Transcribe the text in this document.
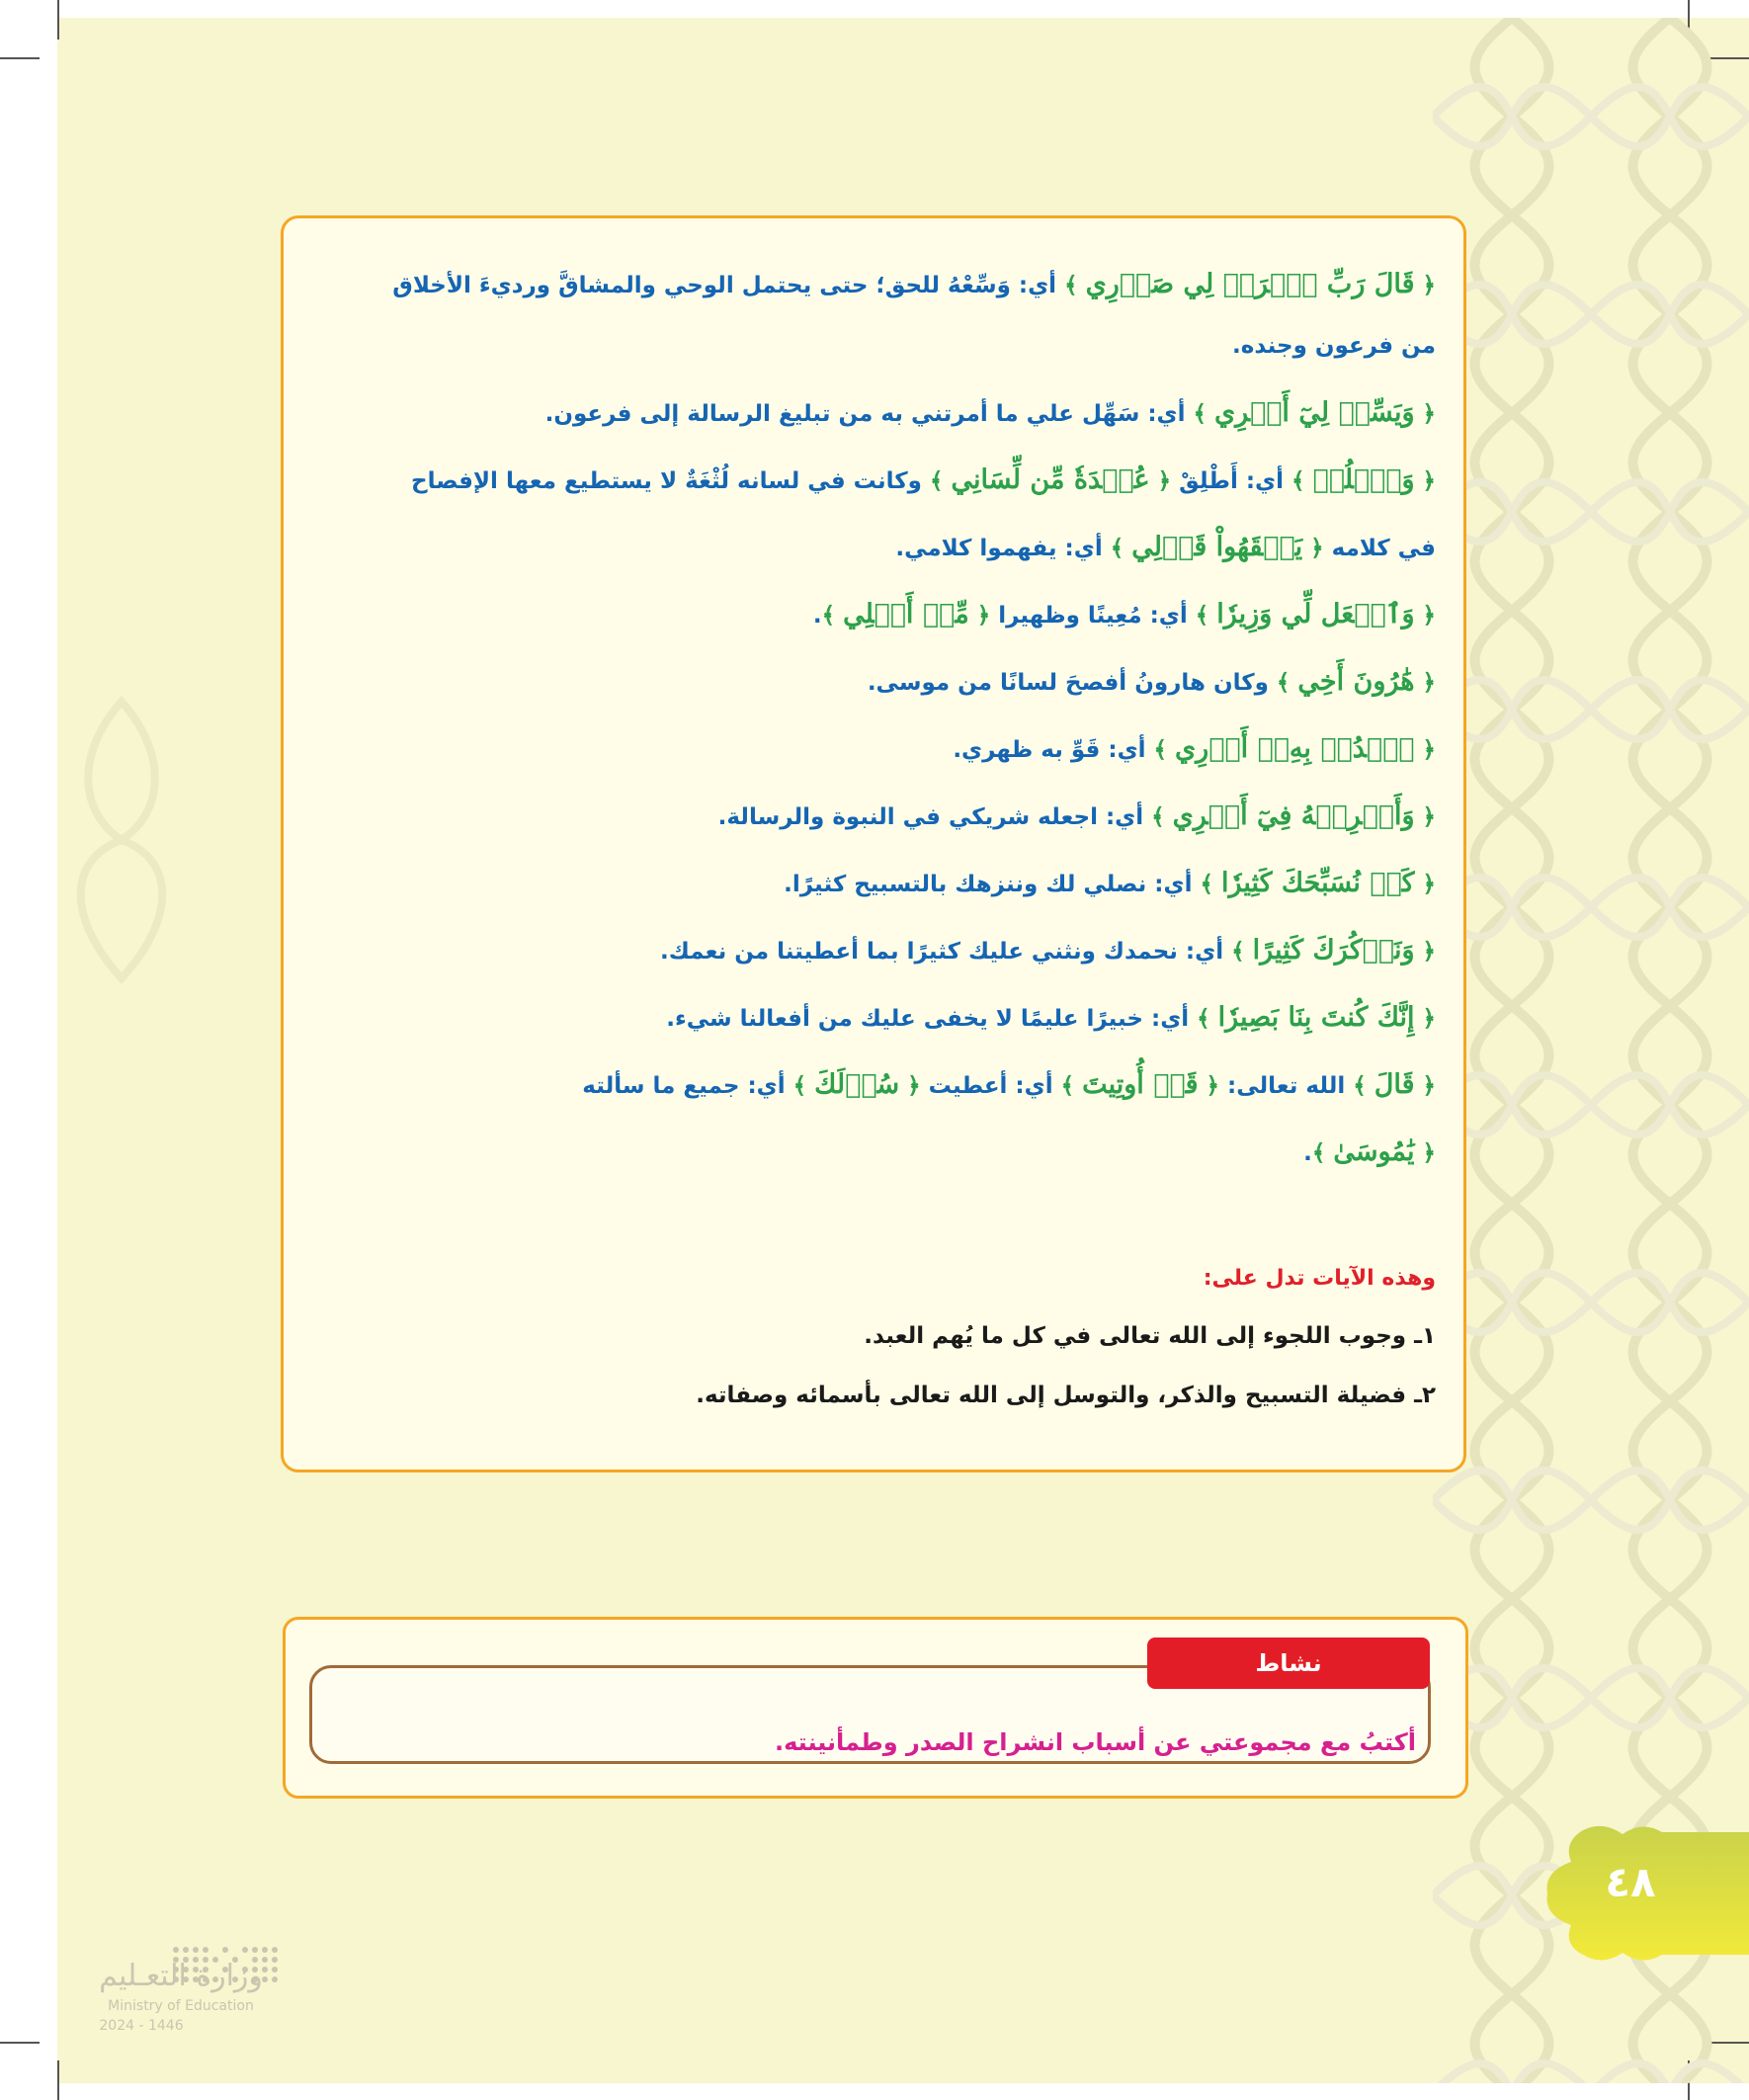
﴿ قَالَ رَبِّ ٱشۡرَحۡ لِي صَدۡرِي ﴾ أي: وَسِّعْهُ للحق؛ حتى يحتمل الوحي والمشاقَّ ورديءَ الأخلاق
من فرعون وجنده.
﴿ وَيَسِّرۡ لِيٓ أَمۡرِي ﴾ أي: سَهِّل علي ما أمرتني به من تبليغ الرسالة إلى فرعون.
﴿ وَٱحۡلُلۡ ﴾ أي: أَطْلِقْ ﴿ عُقۡدَةٗ مِّن لِّسَانِي ﴾ وكانت في لسانه لُثْغَةٌ لا يستطيع معها الإفصاح
في كلامه ﴿ يَفۡقَهُواْ قَوۡلِي ﴾ أي: يفهموا كلامي.
﴿ وَٱجۡعَل لِّي وَزِيرٗا ﴾ أي: مُعِينًا وظهيرا ﴿ مِّنۡ أَهۡلِي ﴾.
﴿ هَٰرُونَ أَخِي ﴾ وكان هارونُ أفصحَ لسانًا من موسى.
﴿ ٱشۡدُدۡ بِهِۦٓ أَزۡرِي ﴾ أي: قَوِّ به ظهري.
﴿ وَأَشۡرِكۡهُ فِيٓ أَمۡرِي ﴾ أي: اجعله شريكي في النبوة والرسالة.
﴿ كَيۡ نُسَبِّحَكَ كَثِيرٗا ﴾ أي: نصلي لك وننزهك بالتسبيح كثيرًا.
﴿ وَنَذۡكُرَكَ كَثِيرًا ﴾ أي: نحمدك ونثني عليك كثيرًا بما أعطيتنا من نعمك.
﴿ إِنَّكَ كُنتَ بِنَا بَصِيرٗا ﴾ أي: خبيرًا عليمًا لا يخفى عليك من أفعالنا شيء.
﴿ قَالَ ﴾ الله تعالى: ﴿ قَدۡ أُوتِيتَ ﴾ أي: أعطيت ﴿ سُؤۡلَكَ ﴾ أي: جميع ما سألته
﴿ يَٰمُوسَىٰ ﴾.
وهذه الآيات تدل على:
١ـ وجوب اللجوء إلى الله تعالى في كل ما يُهم العبد.
٢ـ فضيلة التسبيح والذكر، والتوسل إلى الله تعالى بأسمائه وصفاته.
نشاط
أكتبُ مع مجموعتي عن أسباب انشراح الصدر وطمأنينته.
٤٨
وزارة التعـليم
Ministry of Education
2024 - 1446
